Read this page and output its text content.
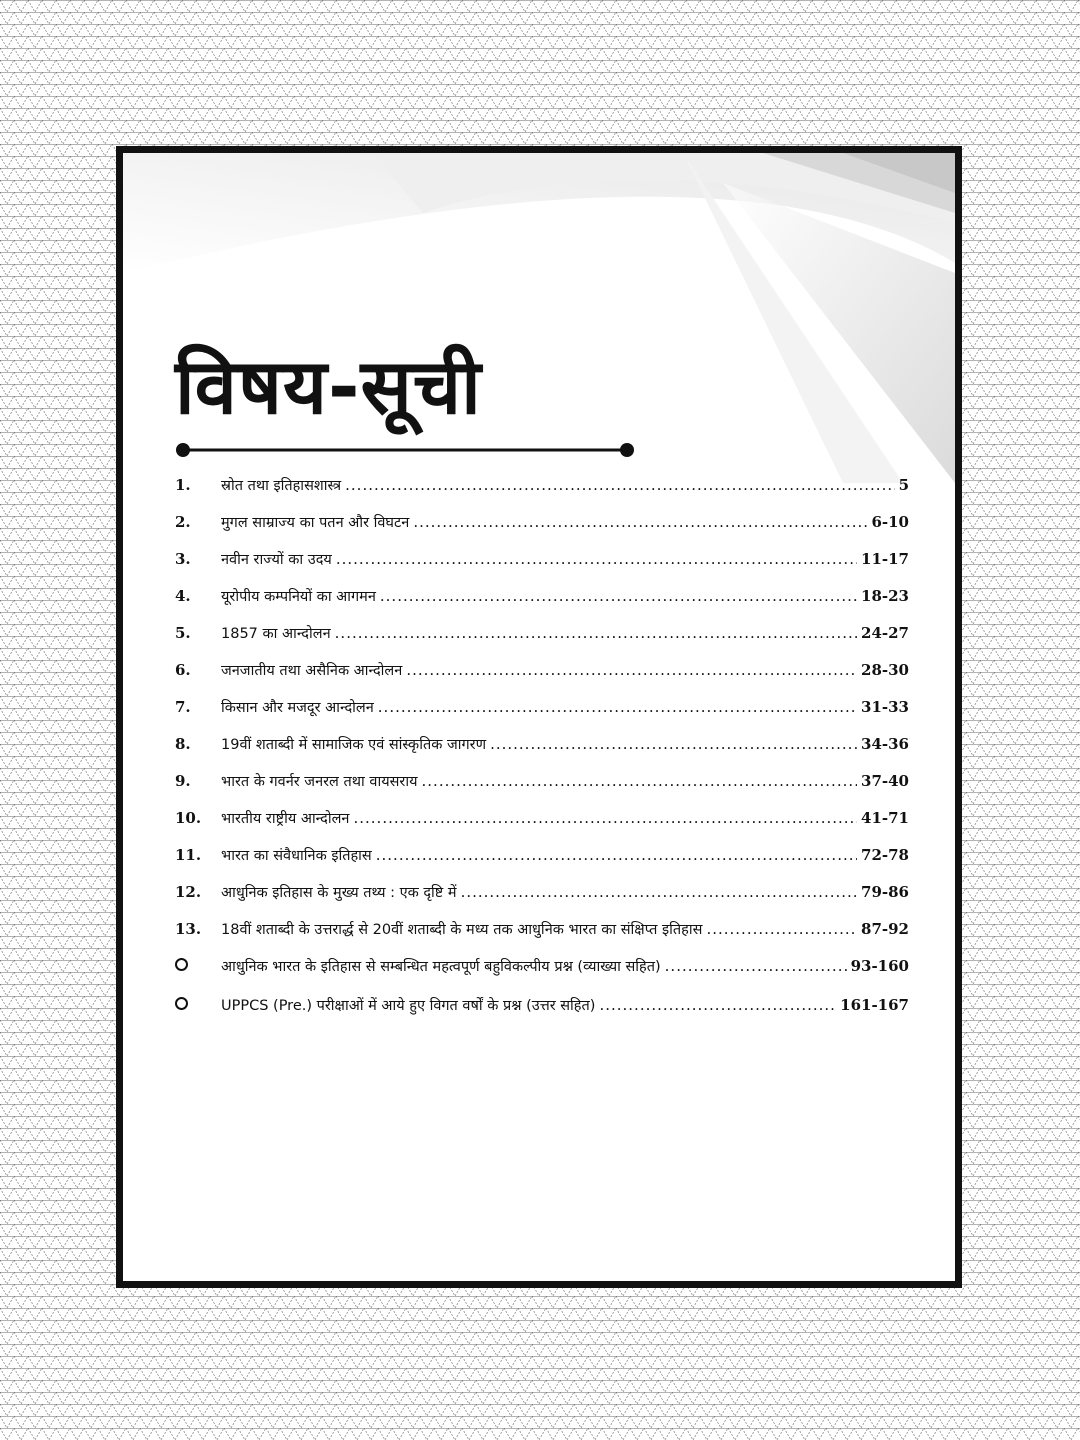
विषय-सूची
1.	स्रोत तथा इतिहासशास्त्र .....	5
2.	मुगल साम्राज्य का पतन और विघटन .....	6-10
3.	नवीन राज्यों का उदय .....	11-17
4.	यूरोपीय कम्पनियों का आगमन .....	18-23
5.	1857 का आन्दोलन .....	24-27
6.	जनजातीय तथा असैनिक आन्दोलन .....	28-30
7.	किसान और मजदूर आन्दोलन .....	31-33
8.	19वीं शताब्दी में सामाजिक एवं सांस्कृतिक जागरण .....	34-36
9.	भारत के गवर्नर जनरल तथा वायसराय .....	37-40
10.	भारतीय राष्ट्रीय आन्दोलन .....	41-71
11.	भारत का संवैधानिक इतिहास .....	72-78
12.	आधुनिक इतिहास के मुख्य तथ्य : एक दृष्टि में .....	79-86
13.	18वीं शताब्दी के उत्तरार्द्ध से 20वीं शताब्दी के मध्य तक आधुनिक भारत का संक्षिप्त इतिहास .....	87-92
आधुनिक भारत के इतिहास से सम्बन्धित महत्वपूर्ण बहुविकल्पीय प्रश्न (व्याख्या सहित) .....	93-160
UPPCS (Pre.) परीक्षाओं में आये हुए विगत वर्षों के प्रश्न (उत्तर सहित) .....	161-167
